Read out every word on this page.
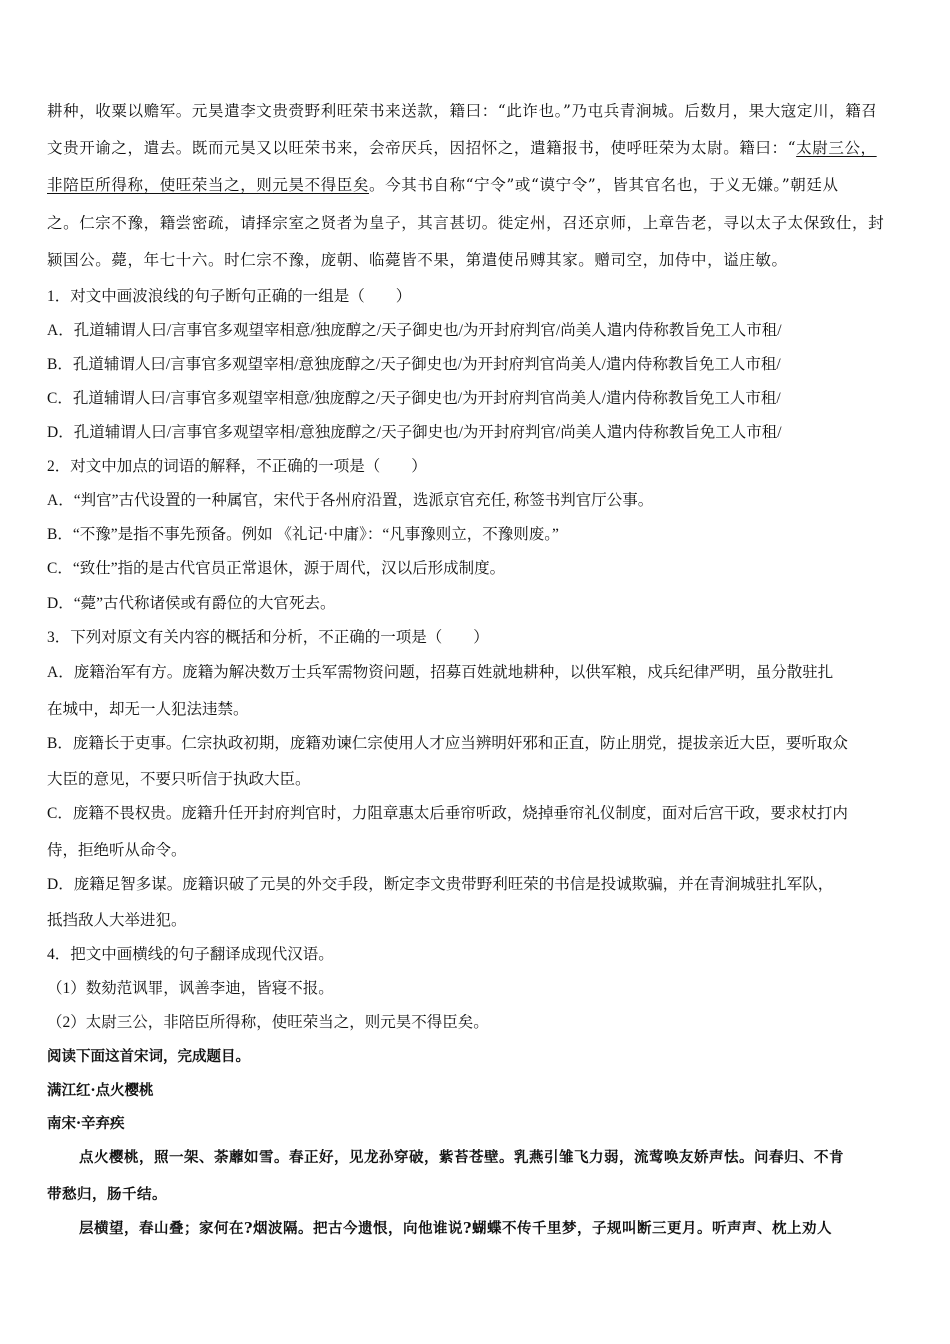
耕种，收粟以赡军。元昊遣李文贵赍野利旺荣书来送款，籍曰：“此诈也。”乃屯兵青涧城。后数月，果大寇定川，籍召
文贵开谕之，遣去。既而元昊又以旺荣书来，会帝厌兵，因招怀之，遣籍报书，使呼旺荣为太尉。籍曰：“太尉三公，
非陪臣所得称，使旺荣当之，则元昊不得臣矣。今其书自称“宁令”或“谟宁令”，皆其官名也，于义无嫌。”朝廷从
之。仁宗不豫，籍尝密疏，请择宗室之贤者为皇子，其言甚切。徙定州，召还京师，上章告老，寻以太子太保致仕，封
颍国公。薨，年七十六。时仁宗不豫，庞朝、临薨皆不果，第遣使吊赙其家。赠司空，加侍中，谥庄敏。
1．对文中画波浪线的句子断句正确的一组是（　　）
A．孔道辅谓人曰/言事官多观望宰相意/独庞醇之/天子御史也/为开封府判官/尚美人遣内侍称教旨免工人市租/
B．孔道辅谓人曰/言事官多观望宰相/意独庞醇之/天子御史也/为开封府判官尚美人/遣内侍称教旨免工人市租/
C．孔道辅谓人曰/言事官多观望宰相意/独庞醇之/天子御史也/为开封府判官尚美人/遣内侍称教旨免工人市租/
D．孔道辅谓人曰/言事官多观望宰相/意独庞醇之/天子御史也/为开封府判官/尚美人遣内侍称教旨免工人市租/
2．对文中加点的词语的解释，不正确的一项是（　　）
A．“判官”古代设置的一种属官，宋代于各州府沿置，选派京官充任, 称签书判官厅公事。
B．“不豫”是指不事先预备。例如 《礼记·中庸》：“凡事豫则立，不豫则废。”
C．“致仕”指的是古代官员正常退休，源于周代，汉以后形成制度。
D．“薨”古代称诸侯或有爵位的大官死去。
3．下列对原文有关内容的概括和分析，不正确的一项是（　　）
A．庞籍治军有方。庞籍为解决数万士兵军需物资问题，招募百姓就地耕种，以供军粮，戍兵纪律严明，虽分散驻扎
在城中，却无一人犯法违禁。
B．庞籍长于吏事。仁宗执政初期，庞籍劝谏仁宗使用人才应当辨明奸邪和正直，防止朋党，提拔亲近大臣，要听取众
大臣的意见，不要只听信于执政大臣。
C．庞籍不畏权贵。庞籍升任开封府判官时，力阻章惠太后垂帘听政，烧掉垂帘礼仪制度，面对后宫干政，要求杖打内
侍，拒绝听从命令。
D．庞籍足智多谋。庞籍识破了元昊的外交手段，断定李文贵带野利旺荣的书信是投诚欺骗，并在青涧城驻扎军队，
抵挡敌人大举进犯。
4．把文中画横线的句子翻译成现代汉语。
（1）数劾范讽罪，讽善李迪，皆寝不报。
（2）太尉三公，非陪臣所得称，使旺荣当之，则元昊不得臣矣。
阅读下面这首宋词，完成题目。
满江红·点火樱桃
南宋·辛弃疾
点火樱桃，照一架、荼蘼如雪。春正好，见龙孙穿破，紫苔苍壁。乳燕引雏飞力弱，流莺唤友娇声怯。问春归、不肯
带愁归，肠千结。
层横望，春山叠；家何在?烟波隔。把古今遗恨，向他谁说?蝴蝶不传千里梦，子规叫断三更月。听声声、枕上劝人
